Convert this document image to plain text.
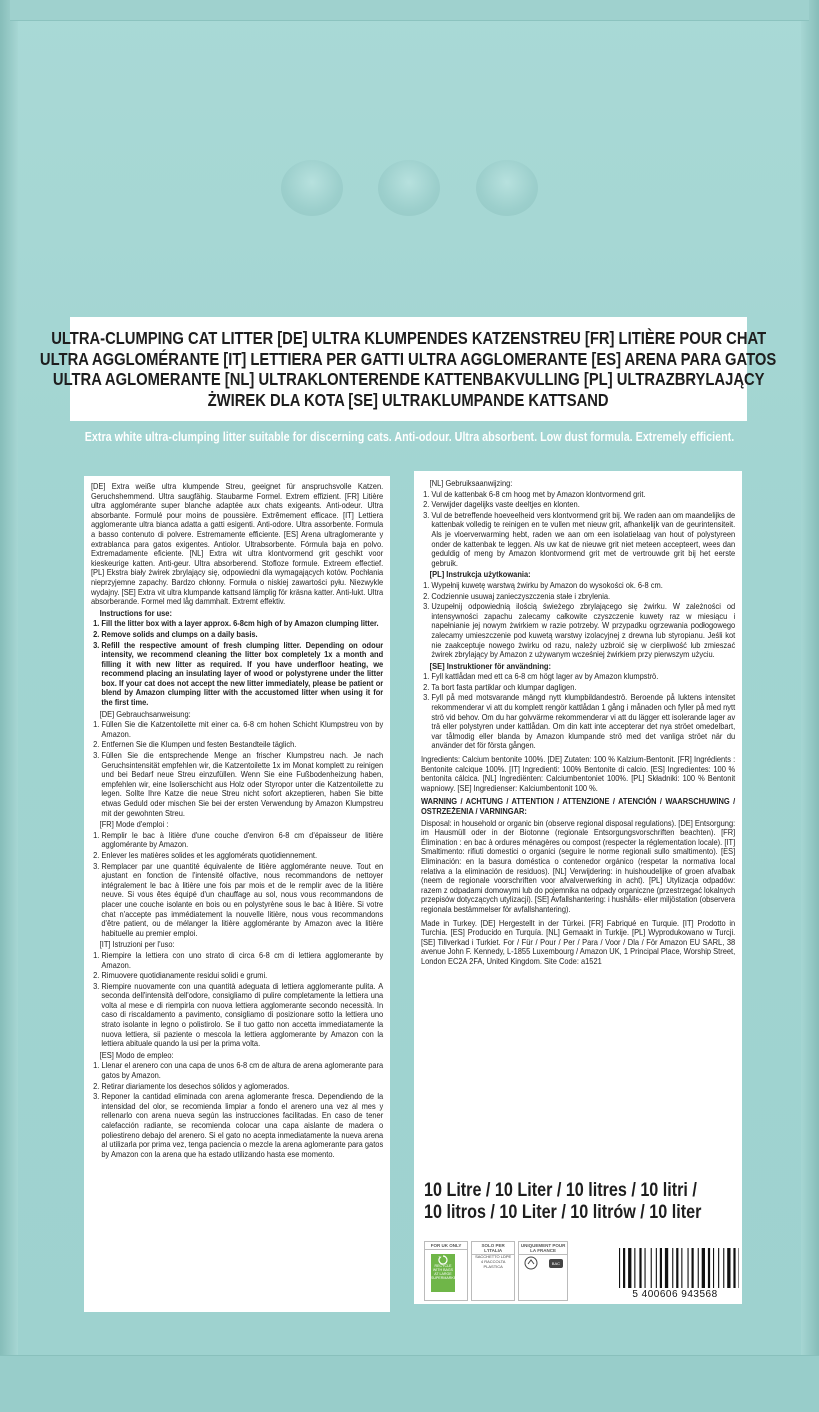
ULTRA-CLUMPING CAT LITTER [DE] ULTRA KLUMPENDES KATZENSTREU [FR] LITIÈRE POUR CHAT
ULTRA AGGLOMÉRANTE [IT] LETTIERA PER GATTI ULTRA AGGLOMERANTE [ES] ARENA PARA GATOS
ULTRA AGLOMERANTE [NL] ULTRAKLONTERENDE KATTENBAKVULLING [PL] ULTRAZBRYLAJĄCY
ŻWIREK DLA KOTA [SE] ULTRAKLUMPANDE KATTSAND
Extra white ultra-clumping litter suitable for discerning cats. Anti-odour. Ultra absorbent. Low dust formula. Extremely efficient.

[DE] Extra weiße ultra klumpende Streu, geeignet für anspruchsvolle Katzen. Geruchshemmend. Ultra saugfähig. Staubarme Formel. Extrem effizient. [FR] Litière ultra agglomérante super blanche adaptée aux chats exigeants. Anti-odeur. Ultra absorbante. Formulé pour moins de poussière. Extrêmement efficace. [IT] Lettiera agglomerante ultra bianca adatta a gatti esigenti. Anti-odore. Ultra assorbente. Formula a basso contenuto di polvere. Estremamente efficiente. [ES] Arena ultraglomerante y extrablanca para gatos exigentes. Antiolor. Ultrabsorbente. Fórmula baja en polvo. Extremadamente eficiente. [NL] Extra wit ultra klontvormend grit geschikt voor kieskeurige katten. Anti-geur. Ultra absorberend. Stofloze formule. Extreem effectief. [PL] Ekstra biały żwirek zbrylający się, odpowiedni dla wymagających kotów. Pochłania nieprzyjemne zapachy. Bardzo chłonny. Formuła o niskiej zawartości pyłu. Niezwykle wydajny. [SE] Extra vit ultra klumpande kattsand lämplig för kräsna katter. Anti-lukt. Ultra absorberande. Formel med låg dammhalt. Extremt effektiv.

Instructions for use:

1. Fill the litter box with a layer approx. 6-8cm high of by Amazon clumping litter.
2. Remove solids and clumps on a daily basis.
3. Refill the respective amount of fresh clumping litter. Depending on odour intensity, we recommend cleaning the litter box completely 1x a month and filling it with new litter as required. If you have underfloor heating, we recommend placing an insulating layer of wood or polystyrene under the litter box. If your cat does not accept the new litter immediately, please be patient or blend by Amazon clumping litter with the accustomed litter when using it for the first time.

[DE] Gebrauchsanweisung:

1. Füllen Sie die Katzentoilette mit einer ca. 6-8 cm hohen Schicht Klumpstreu von by Amazon.
2. Entfernen Sie die Klumpen und festen Bestandteile täglich.
3. Füllen Sie die entsprechende Menge an frischer Klumpstreu nach. Je nach Geruchsintensität empfehlen wir, die Katzentoilette 1x im Monat komplett zu reinigen und bei Bedarf neue Streu einzufüllen. Wenn Sie eine Fußbodenheizung haben, empfehlen wir, eine Isolierschicht aus Holz oder Styropor unter die Katzentoilette zu legen. Sollte Ihre Katze die neue Streu nicht sofort akzeptieren, haben Sie bitte etwas Geduld oder mischen Sie bei der ersten Verwendung by Amazon Klumpstreu mit der gewohnten Streu.

[FR] Mode d'emploi :

1. Remplir le bac à litière d'une couche d'environ 6-8 cm d'épaisseur de litière agglomérante by Amazon.
2. Enlever les matières solides et les agglomérats quotidiennement.
3. Remplacer par une quantité équivalente de litière agglomérante neuve. Tout en ajustant en fonction de l'intensité olfactive, nous recommandons de nettoyer intégralement le bac à litière une fois par mois et de le remplir avec de la litière neuve. Si vous êtes équipé d'un chauffage au sol, nous vous recommandons de placer une couche isolante en bois ou en polystyrène sous le bac à litière. Si votre chat n'accepte pas immédiatement la nouvelle litière, nous vous recommandons d'être patient, ou de mélanger la litière agglomérante by Amazon avec la litière habituelle au premier emploi.

[IT] Istruzioni per l'uso:

1. Riempire la lettiera con uno strato di circa 6-8 cm di lettiera agglomerante by Amazon.
2. Rimuovere quotidianamente residui solidi e grumi.
3. Riempire nuovamente con una quantità adeguata di lettiera agglomerante pulita. A seconda dell'intensità dell'odore, consigliamo di pulire completamente la lettiera una volta al mese e di riempirla con nuova lettiera agglomerante secondo necessità. In caso di riscaldamento a pavimento, consigliamo di posizionare sotto la lettiera uno strato isolante in legno o polistirolo. Se il tuo gatto non accetta immediatamente la nuova lettiera, sii paziente o mescola la lettiera agglomerante by Amazon con la lettiera abituale quando la usi per la prima volta.

[ES] Modo de empleo:

1. Llenar el arenero con una capa de unos 6-8 cm de altura de arena aglomerante para gatos by Amazon.
2. Retirar diariamente los desechos sólidos y aglomerados.
3. Reponer la cantidad eliminada con arena aglomerante fresca. Dependiendo de la intensidad del olor, se recomienda limpiar a fondo el arenero una vez al mes y rellenarlo con arena nueva según las instrucciones facilitadas. En caso de tener calefacción radiante, se recomienda colocar una capa aislante de madera o poliestireno debajo del arenero. Si el gato no acepta inmediatamente la nueva arena al utilizarla por prima vez, tenga paciencia o mezcle la arena aglomerante para gatos by Amazon con la arena que ha estado utilizando hasta ese momento.

[NL] Gebruiksaanwijzing:

1. Vul de kattenbak 6-8 cm hoog met by Amazon klontvormend grit.
2. Verwijder dagelijks vaste deeltjes en klonten.
3. Vul de betreffende hoeveelheid vers klontvormend grit bij. We raden aan om maandelijks de kattenbak volledig te reinigen en te vullen met nieuw grit, afhankelijk van de geurintensiteit. Als je vloerverwarming hebt, raden we aan om een isolatielaag van hout of polystyreen onder de kattenbak te leggen. Als uw kat de nieuwe grit niet meteen accepteert, wees dan geduldig of meng by Amazon klontvormend grit met de vertrouwde grit bij het eerste gebruik.

[PL] Instrukcja użytkowania:

1. Wypełnij kuwetę warstwą żwirku by Amazon do wysokości ok. 6-8 cm.
2. Codziennie usuwaj zanieczyszczenia stałe i zbrylenia.
3. Uzupełnij odpowiednią ilością świeżego zbrylającego się żwirku. W zależności od intensywności zapachu zalecamy całkowite czyszczenie kuwety raz w miesiącu i napełnianie jej nowym żwirkiem w razie potrzeby. W przypadku ogrzewania podłogowego zalecamy umieszczenie pod kuwetą warstwy izolacyjnej z drewna lub styropianu. Jeśli kot nie zaakceptuje nowego żwirku od razu, należy uzbroić się w cierpliwość lub zmieszać żwirek zbrylający by Amazon z używanym wcześniej żwirkiem przy pierwszym użyciu.

[SE] Instruktioner för användning:

1. Fyll kattlådan med ett ca 6-8 cm högt lager av by Amazon klumpströ.
2. Ta bort fasta partiklar och klumpar dagligen.
3. Fyll på med motsvarande mängd nytt klumpbildandeströ. Beroende på luktens intensitet rekommenderar vi att du komplett rengör kattlådan 1 gång i månaden och fyller på med nytt strö vid behov. Om du har golvvärme rekommenderar vi att du lägger ett isolerande lager av trä eller polystyren under kattlådan. Om din katt inte accepterar det nya ströet omedelbart, var tålmodig eller blanda by Amazon klumpande strö med det vanliga ströet när du använder det för första gången.

Ingredients: Calcium bentonite 100%. [DE] Zutaten: 100 % Kalzium-Bentonit. [FR] Ingrédients : Bentonite calcique 100%. [IT] Ingredienti: 100% Bentonite di calcio. [ES] Ingredientes: 100 % bentonita cálcica. [NL] Ingrediënten: Calciumbentoniet 100%. [PL] Składniki: 100 % Bentonit wapniowy. [SE] Ingredienser: Kalciumbentonit 100 %.

WARNING / ACHTUNG / ATTENTION / ATTENZIONE / ATENCIÓN / WAARSCHUWING / OSTRZEŻENIA / VARNINGAR:

Disposal: in household or organic bin (observe regional disposal regulations). [DE] Entsorgung: im Hausmüll oder in der Biotonne (regionale Entsorgungsvorschriften beachten). [FR] Élimination : en bac à ordures ménagères ou compost (respecter la réglementation locale). [IT] Smaltimento: rifiuti domestici o organici (seguire le norme regionali sullo smaltimento). [ES] Eliminación: en la basura doméstica o contenedor orgánico (respetar la normativa local relativa a la eliminación de residuos). [NL] Verwijdering: in huishoudelijke of groen afvalbak (neem de regionale voorschriften voor afvalverwerking in acht). [PL] Utylizacja odpadów: razem z odpadami domowymi lub do pojemnika na odpady organiczne (przestrzegać lokalnych przepisów dotyczących utylizacji). [SE] Avfallshantering: i hushålls- eller miljöstation (observera regionala bestämmelser för avfallshantering).

Made in Turkey. [DE] Hergestellt in der Türkei. [FR] Fabriqué en Turquie. [IT] Prodotto in Turchia. [ES] Producido en Turquía. [NL] Gemaakt in Turkije. [PL] Wyprodukowano w Turcji. [SE] Tillverkad i Turkiet. For / Für / Pour / Per / Para / Voor / Dla / För Amazon EU SARL, 38 avenue John F. Kennedy, L-1855 Luxembourg / Amazon UK, 1 Principal Place, Worship Street, London EC2A 2FA, United Kingdom. Site Code: a1521

10 Litre / 10 Liter / 10 litres / 10 litri /
10 litros / 10 Liter / 10 litrów / 10 liter
FOR UK ONLY
RECYCLE WITH BAGS AT LARGE SUPERMARKETS
SOLO PER L'ITALIA
SACCHETTO LDPE 4 RACCOLTA PLASTICA
UNIQUEMENT POUR LA FRANCE
BAC
5 400606 943568
